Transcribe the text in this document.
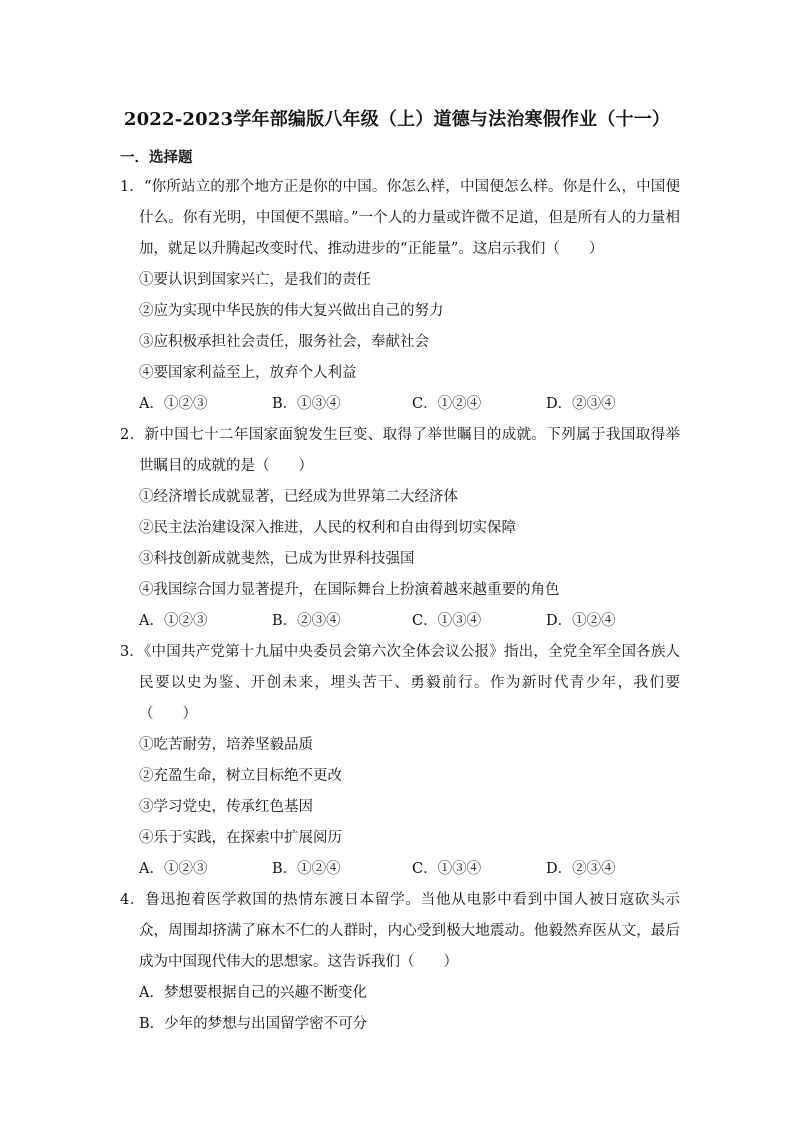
2022-2023学年部编版八年级（上）道德与法治寒假作业（十一）
一．选择题
1．“你所站立的那个地方正是你的中国。你怎么样，中国便怎么样。你是什么，中国便什么。你有光明，中国便不黑暗。”一个人的力量或许微不足道，但是所有人的力量相加，就足以升腾起改变时代、推动进步的“正能量”。这启示我们（　　）
①要认识到国家兴亡，是我们的责任
②应为实现中华民族的伟大复兴做出自己的努力
③应积极承担社会责任，服务社会，奉献社会
④要国家利益至上，放弃个人利益
A．①②③	B．①③④	C．①②④	D．②③④
2．新中国七十二年国家面貌发生巨变、取得了举世瞩目的成就。下列属于我国取得举世瞩目的成就的是（　　）
①经济增长成就显著，已经成为世界第二大经济体
②民主法治建设深入推进，人民的权利和自由得到切实保障
③科技创新成就斐然，已成为世界科技强国
④我国综合国力显著提升，在国际舞台上扮演着越来越重要的角色
A．①②③	B．②③④	C．①③④	D．①②④
3．《中国共产党第十九届中央委员会第六次全体会议公报》指出，全党全军全国各族人民要以史为鉴、开创未来，埋头苦干、勇毅前行。作为新时代青少年，我们要（　　）
①吃苦耐劳，培养坚毅品质
②充盈生命，树立目标绝不更改
③学习党史，传承红色基因
④乐于实践，在探索中扩展阅历
A．①②③	B．①②④	C．①③④	D．②③④
4．鲁迅抱着医学救国的热情东渡日本留学。当他从电影中看到中国人被日寇砍头示众，周围却挤满了麻木不仁的人群时，内心受到极大地震动。他毅然弃医从文，最后成为中国现代伟大的思想家。这告诉我们（　　）
A．梦想要根据自己的兴趣不断变化
B．少年的梦想与出国留学密不可分
